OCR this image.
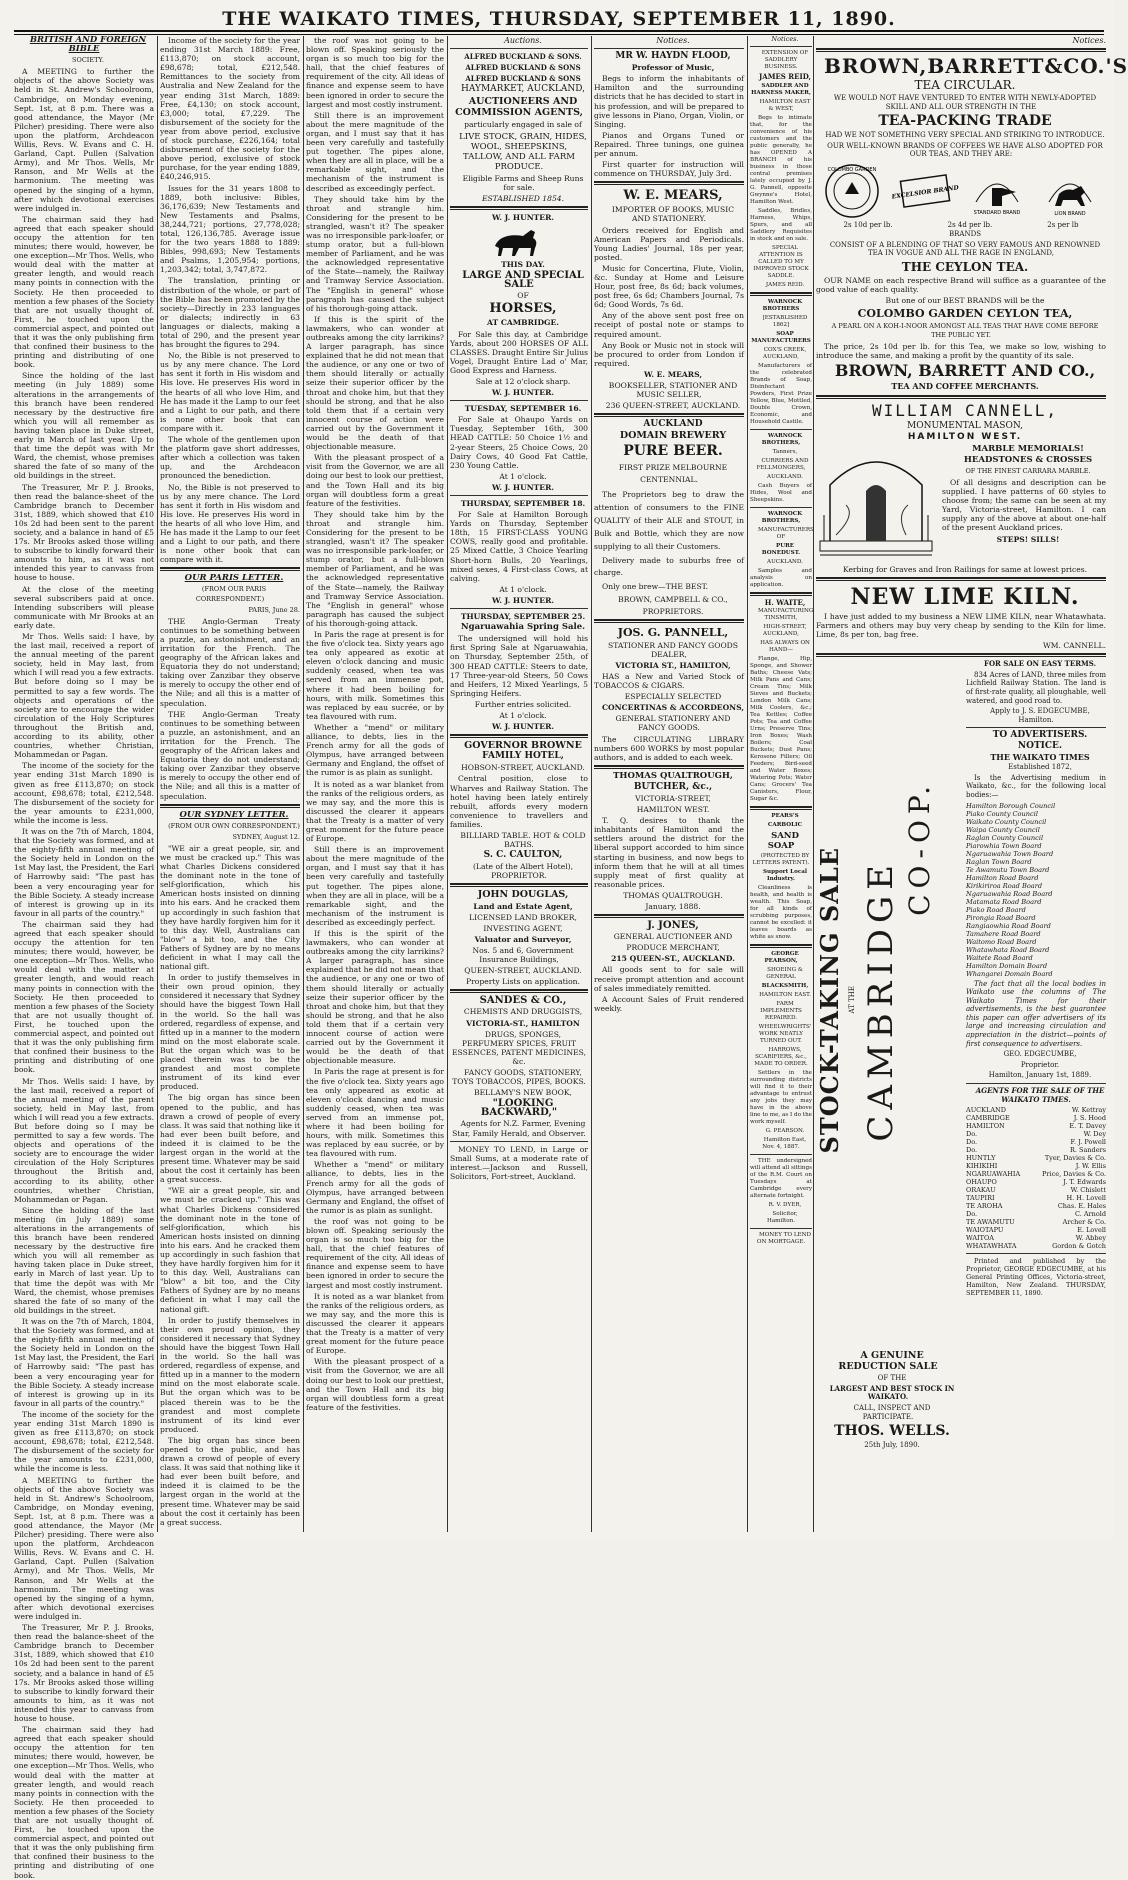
THE WAIKATO TIMES, THURSDAY, SEPTEMBER 11, 1890.

BRITISH AND FOREIGN BIBLE

SOCIETY.

A MEETING to further the objects of the above Society was held in St. Andrew's Schoolroom, Cambridge, on Monday evening, Sept. 1st, at 8 p.m. There was a good attendance, the Mayor (Mr Pilcher) presiding. There were also upon the platform, Archdeacon Willis, Revs. W. Evans and C. H. Garland, Capt. Pullen (Salvation Army), and Mr Thos. Wells, Mr Ranson, and Mr Wells at the harmonium. The meeting was opened by the singing of a hymn, after which devotional exercises were indulged in.

The chairman said they had agreed that each speaker should occupy the attention for ten minutes; there would, however, be one exception—Mr Thos. Wells, who would deal with the matter at greater length, and would reach many points in connection with the Society. He then proceeded to mention a few phases of the Society that are not usually thought of. First, he touched upon the commercial aspect, and pointed out that it was the only publishing firm that confined their business to the printing and distributing of one book.

Since the holding of the last meeting (in July 1889) some alterations in the arrangements of this branch have been rendered necessary by the destructive fire which you will all remember as having taken place in Duke street, early in March of last year. Up to that time the depôt was with Mr Ward, the chemist, whose premises shared the fate of so many of the old buildings in the street.

The Treasurer, Mr P. J. Brooks, then read the balance-sheet of the Cambridge branch to December 31st, 1889, which showed that £10 10s 2d had been sent to the parent society, and a balance in hand of £5 17s. Mr Brooks asked those willing to subscribe to kindly forward their amounts to him, as it was not intended this year to canvass from house to house.

At the close of the meeting several subscribers paid at once. Intending subscribers will please communicate with Mr Brooks at an early date.

Mr Thos. Wells said: I have, by the last mail, received a report of the annual meeting of the parent society, held in May last, from which I will read you a few extracts. But before doing so I may be permitted to say a few words. The objects and operations of the society are to encourage the wider circulation of the Holy Scriptures throughout the British and, according to its ability, other countries, whether Christian, Mohammedan or Pagan.

The income of the society for the year ending 31st March 1890 is given as free £113,870; on stock account, £98,678; total, £212,548. The disbursement of the society for the year amounts to £231,000, while the income is less.

It was on the 7th of March, 1804, that the Society was formed, and at the eighty-fifth annual meeting of the Society held in London on the 1st May last, the President, the Earl of Harrowby said: "The past has been a very encouraging year for the Bible Society. A steady increase of interest is growing up in its favour in all parts of the country."

The chairman said they had agreed that each speaker should occupy the attention for ten minutes; there would, however, be one exception—Mr Thos. Wells, who would deal with the matter at greater length, and would reach many points in connection with the Society. He then proceeded to mention a few phases of the Society that are not usually thought of. First, he touched upon the commercial aspect, and pointed out that it was the only publishing firm that confined their business to the printing and distributing of one book.

Mr Thos. Wells said: I have, by the last mail, received a report of the annual meeting of the parent society, held in May last, from which I will read you a few extracts. But before doing so I may be permitted to say a few words. The objects and operations of the society are to encourage the wider circulation of the Holy Scriptures throughout the British and, according to its ability, other countries, whether Christian, Mohammedan or Pagan.

Since the holding of the last meeting (in July 1889) some alterations in the arrangements of this branch have been rendered necessary by the destructive fire which you will all remember as having taken place in Duke street, early in March of last year. Up to that time the depôt was with Mr Ward, the chemist, whose premises shared the fate of so many of the old buildings in the street.

It was on the 7th of March, 1804, that the Society was formed, and at the eighty-fifth annual meeting of the Society held in London on the 1st May last, the President, the Earl of Harrowby said: "The past has been a very encouraging year for the Bible Society. A steady increase of interest is growing up in its favour in all parts of the country."

The income of the society for the year ending 31st March 1890 is given as free £113,870; on stock account, £98,678; total, £212,548. The disbursement of the society for the year amounts to £231,000, while the income is less.

A MEETING to further the objects of the above Society was held in St. Andrew's Schoolroom, Cambridge, on Monday evening, Sept. 1st, at 8 p.m. There was a good attendance, the Mayor (Mr Pilcher) presiding. There were also upon the platform, Archdeacon Willis, Revs. W. Evans and C. H. Garland, Capt. Pullen (Salvation Army), and Mr Thos. Wells, Mr Ranson, and Mr Wells at the harmonium. The meeting was opened by the singing of a hymn, after which devotional exercises were indulged in.

The Treasurer, Mr P. J. Brooks, then read the balance-sheet of the Cambridge branch to December 31st, 1889, which showed that £10 10s 2d had been sent to the parent society, and a balance in hand of £5 17s. Mr Brooks asked those willing to subscribe to kindly forward their amounts to him, as it was not intended this year to canvass from house to house.

The chairman said they had agreed that each speaker should occupy the attention for ten minutes; there would, however, be one exception—Mr Thos. Wells, who would deal with the matter at greater length, and would reach many points in connection with the Society. He then proceeded to mention a few phases of the Society that are not usually thought of. First, he touched upon the commercial aspect, and pointed out that it was the only publishing firm that confined their business to the printing and distributing of one book.

Income of the society for the year ending 31st March 1889: Free, £113,870; on stock account, £98,678; total, £212,548. Remittances to the society from Australia and New Zealand for the year ending 31st March, 1889: Free, £4,130; on stock account, £3,000; total, £7,229. The disbursement of the society for the year from above period, exclusive of stock purchase, £226,164; total disbursement of the society for the above period, exclusive of stock purchase, for the year ending 1889, £40,246,915.

Issues for the 31 years 1808 to 1889, both inclusive: Bibles, 36,176,639; New Testaments and New Testaments and Psalms, 38,244,721; portions, 27,778,028; total, 126,136,785. Average issue for the two years 1888 to 1889: Bibles, 998,693; New Testaments and Psalms, 1,205,954; portions, 1,203,342; total, 3,747,872.

The translation, printing or distribution of the whole, or part of the Bible has been promoted by the society—Directly in 233 languages or dialects; indirectly in 63 languages or dialects, making a total of 290, and the present year has brought the figures to 294.

No, the Bible is not preserved to us by any mere chance. The Lord has sent it forth in His wisdom and His love. He preserves His word in the hearts of all who love Him, and He has made it the Lamp to our feet and a Light to our path, and there is none other book that can compare with it.

The whole of the gentlemen upon the platform gave short addresses, after which a collection was taken up, and the Archdeacon pronounced the benediction.

No, the Bible is not preserved to us by any mere chance. The Lord has sent it forth in His wisdom and His love. He preserves His word in the hearts of all who love Him, and He has made it the Lamp to our feet and a Light to our path, and there is none other book that can compare with it.

OUR PARIS LETTER.

(FROM OUR PARIS CORRESPONDENT.)

PARIS, June 28.

THE Anglo-German Treaty continues to be something between a puzzle, an astonishment, and an irritation for the French. The geography of the African lakes and Equatoria they do not understand; taking over Zanzibar they observe is merely to occupy the other end of the Nile; and all this is a matter of speculation.

THE Anglo-German Treaty continues to be something between a puzzle, an astonishment, and an irritation for the French. The geography of the African lakes and Equatoria they do not understand; taking over Zanzibar they observe is merely to occupy the other end of the Nile; and all this is a matter of speculation.

OUR SYDNEY LETTER.

(FROM OUR OWN CORRESPONDENT.)

SYDNEY, August 12.

"WE air a great people, sir, and we must be cracked up." This was what Charles Dickens considered the dominant note in the tone of self-glorification, which his American hosts insisted on dinning into his ears. And he cracked them up accordingly in such fashion that they have hardly forgiven him for it to this day. Well, Australians can "blow" a bit too, and the City Fathers of Sydney are by no means deficient in what I may call the national gift.

In order to justify themselves in their own proud opinion, they considered it necessary that Sydney should have the biggest Town Hall in the world. So the hall was ordered, regardless of expense, and fitted up in a manner to the modern mind on the most elaborate scale. But the organ which was to be placed therein was to be the grandest and most complete instrument of its kind ever produced.

The big organ has since been opened to the public, and has drawn a crowd of people of every class. It was said that nothing like it had ever been built before, and indeed it is claimed to be the largest organ in the world at the present time. Whatever may be said about the cost it certainly has been a great success.

"WE air a great people, sir, and we must be cracked up." This was what Charles Dickens considered the dominant note in the tone of self-glorification, which his American hosts insisted on dinning into his ears. And he cracked them up accordingly in such fashion that they have hardly forgiven him for it to this day. Well, Australians can "blow" a bit too, and the City Fathers of Sydney are by no means deficient in what I may call the national gift.

In order to justify themselves in their own proud opinion, they considered it necessary that Sydney should have the biggest Town Hall in the world. So the hall was ordered, regardless of expense, and fitted up in a manner to the modern mind on the most elaborate scale. But the organ which was to be placed therein was to be the grandest and most complete instrument of its kind ever produced.

The big organ has since been opened to the public, and has drawn a crowd of people of every class. It was said that nothing like it had ever been built before, and indeed it is claimed to be the largest organ in the world at the present time. Whatever may be said about the cost it certainly has been a great success.

the roof was not going to be blown off. Speaking seriously the organ is so much too big for the hall, that the chief features of requirement of the city. All ideas of finance and expense seem to have been ignored in order to secure the largest and most costly instrument.

Still there is an improvement about the mere magnitude of the organ, and I must say that it has been very carefully and tastefully put together. The pipes alone, when they are all in place, will be a remarkable sight, and the mechanism of the instrument is described as exceedingly perfect.

They should take him by the throat and strangle him. Considering for the present to be strangled, wasn't it? The speaker was no irresponsible park-loafer, or stump orator, but a full-blown member of Parliament, and he was the acknowledged representative of the State—namely, the Railway and Tramway Service Association. The "English in general" whose paragraph has caused the subject of his thorough-going attack.

If this is the spirit of the lawmakers, who can wonder at outbreaks among the city larrikins? A larger paragraph, has since explained that he did not mean that the audience, or any one or two of them should literally or actually seize their superior officer by the throat and choke him, but that they should be strong, and that he also told them that if a certain very innocent course of action were carried out by the Government it would be the death of that objectionable measure.

With the pleasant prospect of a visit from the Governor, we are all doing our best to look our prettiest, and the Town Hall and its big organ will doubtless form a great feature of the festivities.

They should take him by the throat and strangle him. Considering for the present to be strangled, wasn't it? The speaker was no irresponsible park-loafer, or stump orator, but a full-blown member of Parliament, and he was the acknowledged representative of the State—namely, the Railway and Tramway Service Association. The "English in general" whose paragraph has caused the subject of his thorough-going attack.

In Paris the rage at present is for the five o'clock tea. Sixty years ago tea only appeared as exotic at eleven o'clock dancing and music suddenly ceased, when tea was served from an immense pot, where it had been boiling for hours, with milk. Sometimes this was replaced by eau sucrée, or by tea flavoured with rum.

Whether a "mend" or military alliance, to debts, lies in the French army for all the gods of Olympus, have arranged between Germany and England, the offset of the rumor is as plain as sunlight.

It is noted as a war blanket from the ranks of the religious orders, as we may say, and the more this is discussed the clearer it appears that the Treaty is a matter of very great moment for the future peace of Europe.

Still there is an improvement about the mere magnitude of the organ, and I must say that it has been very carefully and tastefully put together. The pipes alone, when they are all in place, will be a remarkable sight, and the mechanism of the instrument is described as exceedingly perfect.

If this is the spirit of the lawmakers, who can wonder at outbreaks among the city larrikins? A larger paragraph, has since explained that he did not mean that the audience, or any one or two of them should literally or actually seize their superior officer by the throat and choke him, but that they should be strong, and that he also told them that if a certain very innocent course of action were carried out by the Government it would be the death of that objectionable measure.

In Paris the rage at present is for the five o'clock tea. Sixty years ago tea only appeared as exotic at eleven o'clock dancing and music suddenly ceased, when tea was served from an immense pot, where it had been boiling for hours, with milk. Sometimes this was replaced by eau sucrée, or by tea flavoured with rum.

Whether a "mend" or military alliance, to debts, lies in the French army for all the gods of Olympus, have arranged between Germany and England, the offset of the rumor is as plain as sunlight.

the roof was not going to be blown off. Speaking seriously the organ is so much too big for the hall, that the chief features of requirement of the city. All ideas of finance and expense seem to have been ignored in order to secure the largest and most costly instrument.

It is noted as a war blanket from the ranks of the religious orders, as we may say, and the more this is discussed the clearer it appears that the Treaty is a matter of very great moment for the future peace of Europe.

With the pleasant prospect of a visit from the Governor, we are all doing our best to look our prettiest, and the Town Hall and its big organ will doubtless form a great feature of the festivities.

Auctions.

ALFRED BUCKLAND & SONS.

ALFRED BUCKLAND & SONS

ALFRED BUCKLAND & SONS

HAYMARKET, AUCKLAND,

AUCTIONEERS AND COMMISSION AGENTS,

particularly engaged in sale of

LIVE STOCK, GRAIN, HIDES, WOOL, SHEEPSKINS, TALLOW, AND ALL FARM PRODUCE.

Eligible Farms and Sheep Runs for sale.

ESTABLISHED 1854.

W. J. HUNTER.

THIS DAY.

LARGE AND SPECIAL SALE

OF

HORSES,

AT CAMBRIDGE.

For Sale this day, at Cambridge Yards, about 200 HORSES OF ALL CLASSES. Draught Entire Sir Julius Vogel, Draught Entire Lad o' Mar, Good Express and Harness.

Sale at 12 o'clock sharp.

W. J. HUNTER.

TUESDAY, SEPTEMBER 16.

For Sale at Ohaupo Yards on Tuesday, September 16th, 300 HEAD CATTLE: 50 Choice 1½ and 2-year Steers, 25 Choice Cows, 20 Dairy Cows, 40 Good Fat Cattle, 230 Young Cattle.

At 1 o'clock.

W. J. HUNTER.

THURSDAY, SEPTEMBER 18.

For Sale at Hamilton Borough Yards on Thursday, September 18th, 15 FIRST-CLASS YOUNG COWS, really good and profitable. 25 Mixed Cattle, 3 Choice Yearling Short-horn Bulls, 20 Yearlings, mixed sexes, 4 First-class Cows, at calving.

At 1 o'clock.

W. J. HUNTER.

THURSDAY, SEPTEMBER 25.

Ngaruawahia Spring Sale.

The undersigned will hold his first Spring Sale at Ngaruawahia, on Thursday, September 25th, of 300 HEAD CATTLE: Steers to date, 17 Three-year-old Steers, 50 Cows and Heifers, 12 Mixed Yearlings, 5 Springing Heifers.

Further entries solicited.

At 1 o'clock.

W. J. HUNTER.

GOVERNOR BROWNE

FAMILY HOTEL,

HOBSON-STREET, AUCKLAND.

Central position, close to Wharves and Railway Station. The hotel having been lately entirely rebuilt, affords every modern convenience to travellers and families.

BILLIARD TABLE. HOT & COLD BATHS.

S. C. CAULTON,

(Late of the Albert Hotel), PROPRIETOR.

JOHN DOUGLAS,

Land and Estate Agent,

LICENSED LAND BROKER,

INVESTING AGENT,

Valuator and Surveyor,

Nos. 5 and 6, Government Insurance Buildings,

QUEEN-STREET, AUCKLAND.

Property Lists on application.

SANDES & CO.,

CHEMISTS AND DRUGGISTS,

VICTORIA-ST., HAMILTON

DRUGS, SPONGES, PERFUMERY SPICES, FRUIT ESSENCES, PATENT MEDICINES, &c.

FANCY GOODS, STATIONERY, TOYS TOBACCOS, PIPES, BOOKS.

BELLAMY'S NEW BOOK,

"LOOKING BACKWARD,"

Agents for N.Z. Farmer, Evening Star, Family Herald, and Observer.

MONEY TO LEND, in Large or Small Sums, at a moderate rate of interest.—Jackson and Russell, Solicitors, Fort-street, Auckland.

Notices.

MR W. HAYDN FLOOD,

Professor of Music,

Begs to inform the inhabitants of Hamilton and the surrounding districts that he has decided to start in his profession, and will be prepared to give lessons in Piano, Organ, Violin, or Singing.

Pianos and Organs Tuned or Repaired. Three tunings, one guinea per annum.

First quarter for instruction will commence on THURSDAY, July 3rd.

W. E. MEARS,

IMPORTER OF BOOKS, MUSIC AND STATIONERY.

Orders received for English and American Papers and Periodicals. Young Ladies' Journal, 18s per year, posted.

Music for Concertina, Flute, Violin, &c. Sunday at Home and Leisure Hour, post free, 8s 6d; back volumes, post free, 6s 6d; Chambers Journal, 7s 6d; Good Words, 7s 6d.

Any of the above sent post free on receipt of postal note or stamps to required amount.

Any Book or Music not in stock will be procured to order from London if required.

W. E. MEARS,

BOOKSELLER, STATIONER AND MUSIC SELLER,

236 QUEEN-STREET, AUCKLAND.

AUCKLAND

DOMAIN BREWERY

PURE BEER.

FIRST PRIZE MELBOURNE CENTENNIAL.

The Proprietors beg to draw the attention of consumers to the FINE QUALITY of their ALE and STOUT, in Bulk and Bottle, which they are now supplying to all their Customers.

Delivery made to suburbs free of charge.

Only one brew—THE BEST.

BROWN, CAMPBELL & CO.,

PROPRIETORS.

JOS. G. PANNELL,

STATIONER AND FANCY GOODS DEALER,

VICTORIA ST., HAMILTON,

HAS a New and Varied Stock of TOBACCOS & CIGARS.

ESPECIALLY SELECTED

CONCERTINAS & ACCORDEONS,

GENERAL STATIONERY AND FANCY GOODS.

The CIRCULATING LIBRARY numbers 600 WORKS by most popular authors, and is added to each week.

THOMAS QUALTROUGH,

BUTCHER, &c.,

VICTORIA-STREET,

HAMILTON WEST.

T. Q. desires to thank the inhabitants of Hamilton and the settlers around the district for the liberal support accorded to him since starting in business, and now begs to inform them that he will at all times supply meat of first quality at reasonable prices.

THOMAS QUALTROUGH.

January, 1888.

J. JONES,

GENERAL AUCTIONEER AND

PRODUCE MERCHANT,

215 QUEEN-ST., AUCKLAND.

All goods sent to for sale will receive prompt attention and account of sales immediately remitted.

A Account Sales of Fruit rendered weekly.

Notices.

EXTENSION OF SADDLERY BUSINESS.

JAMES REID,

SADDLER AND HARNESS MAKER,

HAMILTON EAST & WEST,

Begs to intimate that, for the convenience of his customers and the public generally, he has OPENED A BRANCH of his business in those central premises lately occupied by J. G. Pannell, opposite Gwynne's Hotel, Hamilton West.

Saddles, Bridles, Harness, Whips, Spurs, and all Saddlery Requisites in stock and on sale.

SPECIAL ATTENTION IS CALLED TO MY IMPROVED STOCK SADDLE.

JAMES REID.

WARNOCK BROTHERS

[ESTABLISHED 1862]

SOAP MANUFACTURERS

COX'S CREEK, AUCKLAND,

Manufacturers of the celebrated Brands of Soap, Disinfectant Powders, First Prize Yellow, Blue, Mottled, Double Crown, Economic, and Household Castile.

WARNOCK BROTHERS,

Tanners,

CURRIERS AND FELLMONGERS,

AUCKLAND.

Cash Buyers of Hides, Wool and Sheepskins.

WARNOCK BROTHERS,

MANUFACTURERS OF

PURE BONEDUST.

AUCKLAND.

Samples and analysis on application.

H. WAITE,

MANUFACTURING TINSMITH,

HIGH-STREET, AUCKLAND,

HAS ALWAYS ON HAND—

Flange, Hip, Sponge, and Shower Baths; Cheese Vats; Milk Pans and Cans; Cream Tins; Milk Sieves and Buckets; London Milk Cans; Milk Coolers, &c.; Tea Kettles; Coffee Pots; Tea and Coffee Urns; Preserve Tins; Iron Boxes; Wash Boilers; Coal Buckets; Dust Pans; Kerosene Fillers; Oil Feeders; Bird-seed and Water Boxes; Watering Pots; Water Cans; Grocers' Tea Canisters, Flour, Sugar &c.

PEARS'S

CARBOLIC

SAND SOAP

(PROTECTED BY LETTERS PATENT).

Support Local Industry.

Cleanliness is health, and health is wealth. This Soap, for all kinds of scrubbing purposes, cannot be excelled: it leaves boards as white as snow.

GEORGE PEARSON,

SHOEING & GENERAL

BLACKSMITH,

HAMILTON EAST.

FARM IMPLEMENTS REPAIRED.

WHEELWRIGHTS' WORK NEATLY TURNED OUT.

HARROWS, SCARIFIERS, &c., MADE TO ORDER.

Settlers in the surrounding districts will find it to their advantage to entrust any jobs they may have in the above line to me, as I do the work myself.

G. PEARSON.

Hamilton East, Nov. 4, 1887.

THE undersigned will attend all sittings of the R.M. Court on Tuesdays at Cambridge every alternate fortnight.

R. V. DYER,

Solicitor, Hamilton.

MONEY TO LEND ON MORTGAGE.

Notices.

BROWN,BARRETT&CO.'S

TEA CIRCULAR.

WE WOULD NOT HAVE VENTURED TO ENTER WITH NEWLY-ADOPTED SKILL AND ALL OUR STRENGTH IN THE

TEA-PACKING TRADE

HAD WE NOT SOMETHING VERY SPECIAL AND STRIKING TO INTRODUCE.

OUR WELL-KNOWN BRANDS OF COFFEES WE HAVE ALSO ADOPTED FOR OUR TEAS, AND THEY ARE:

COLOMBO GARDEN
EXCELSIOR BRAND
STANDARD BRAND	LION BRAND
2s 10d per lb.	2s 4d per lb.	2s per lb

BRANDS

CONSIST OF A BLENDING OF THAT SO VERY FAMOUS AND RENOWNED TEA IN VOGUE AND ALL THE RAGE IN ENGLAND,

THE CEYLON TEA.

OUR NAME on each respective Brand will suffice as a guarantee of the good value of each quality.

But one of our BEST BRANDS will be the

COLOMBO GARDEN CEYLON TEA,

A PEARL ON A KOH-I-NOOR AMONGST ALL TEAS THAT HAVE COME BEFORE THE PUBLIC YET.

The price, 2s 10d per lb. for this Tea, we make so low, wishing to introduce the same, and making a profit by the quantity of its sale.

BROWN, BARRETT AND CO.,

TEA AND COFFEE MERCHANTS.

WILLIAM CANNELL,

MONUMENTAL MASON,

HAMILTON WEST.

MARBLE MEMORIALS!

HEADSTONES & CROSSES

OF THE FINEST CARRARA MARBLE.

Of all designs and description can be supplied. I have patterns of 60 styles to choose from; the same can be seen at my Yard, Victoria-street, Hamilton. I can supply any of the above at about one-half of the present Auckland prices.

STEPS! SILLS!

Kerbing for Graves and Iron Railings for same at lowest prices.

NEW LIME KILN.

I have just added to my business a NEW LIME KILN, near Whatawhata. Farmers and others may buy very cheap by sending to the Kiln for lime. Lime, 8s per ton, bag free.

WM. CANNELL.

STOCK-TAKING SALE AT THE CAMBRIDGE
CO-OP.

A GENUINE REDUCTION SALE

OF THE

LARGEST AND BEST STOCK IN WAIKATO.

CALL, INSPECT AND PARTICIPATE.

THOS. WELLS.

25th July, 1890.

FOR SALE ON EASY TERMS.

834 Acres of LAND, three miles from Lichfield Railway Station. The land is of first-rate quality, all ploughable, well watered, and good road to.

Apply to J. S. EDGECUMBE, Hamilton.

TO ADVERTISERS.

NOTICE.

THE WAIKATO TIMES

Established 1872,

Is the Advertising medium in Waikato, &c., for the following local bodies:—

Hamilton Borough Council
Piako County Council
Waikato County Council
Waipa County Council
Raglan County Council
Piarowhia Town Board
Ngaruawahia Town Board
Raglan Town Board
Te Awamutu Town Board
Hamilton Road Board
Kirikiriroa Road Board
Ngaruawahia Road Board
Matamata Road Board
Piako Road Board
Pirongia Road Board
Rangiaowhia Road Board
Tamahere Road Board
Waitomo Road Board
Whatawhata Road Board
Waitete Road Board
Hamilton Domain Board
Whangarei Domain Board

The fact that all the local bodies in Waikato use the columns of The Waikato Times for their advertisements, is the best guarantee this paper can offer advertisers of its large and increasing circulation and appreciation in the district—points of first consequence to advertisers.

GEO. EDGECUMBE,

Proprietor.

Hamilton, January 1st, 1889.

AGENTS FOR THE SALE OF THE WAIKATO TIMES.

AUCKLAND	W. Kettray
CAMBRIDGE	J. S. Hood
HAMILTON	E. T. Davey
Do.	W. Dey
Do.	F. J. Powell
Do.	R. Sanders
HUNTLY	Tyer, Davies & Co.
KIHIKIHI	J. W. Ellis
NGARUAWAHIA	Price, Davies & Co.
OHAUPO	J. T. Edwards
ORAKAU	W. Chislett
TAUPIRI	H. H. Lovell
TE AROHA	Chas. E. Hales
Do.	C. Arnold
TE AWAMUTU	Archer & Co.
WAIOTAPU	E. Lovell
WAITOA	W. Abbey
WHATAWHATA	Gordon & Gotch

Printed and published by the Proprietor, GEORGE EDGECUMBE, at his General Printing Offices, Victoria-street, Hamilton, New Zealand. THURSDAY, SEPTEMBER 11, 1890.
